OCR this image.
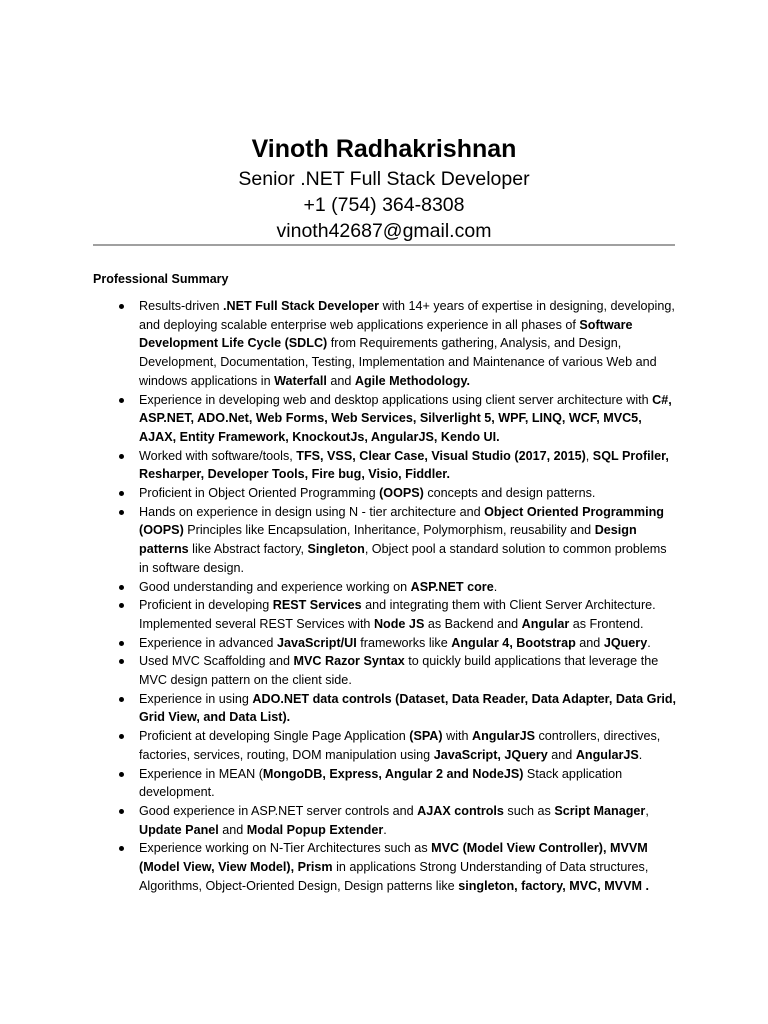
Vinoth Radhakrishnan
Senior .NET Full Stack Developer
+1 (754) 364-8308
vinoth42687@gmail.com
Professional Summary
Results-driven .NET Full Stack Developer with 14+ years of expertise in designing, developing, and deploying scalable enterprise web applications experience in all phases of Software Development Life Cycle (SDLC) from Requirements gathering, Analysis, and Design, Development, Documentation, Testing, Implementation and Maintenance of various Web and windows applications in Waterfall and Agile Methodology.
Experience in developing web and desktop applications using client server architecture with C#, ASP.NET, ADO.Net, Web Forms, Web Services, Silverlight 5, WPF, LINQ, WCF, MVC5, AJAX, Entity Framework, KnockoutJs, AngularJS, Kendo UI.
Worked with software/tools, TFS, VSS, Clear Case, Visual Studio (2017, 2015), SQL Profiler, Resharper, Developer Tools, Fire bug, Visio, Fiddler.
Proficient in Object Oriented Programming (OOPS) concepts and design patterns.
Hands on experience in design using N - tier architecture and Object Oriented Programming (OOPS) Principles like Encapsulation, Inheritance, Polymorphism, reusability and Design patterns like Abstract factory, Singleton, Object pool a standard solution to common problems in software design.
Good understanding and experience working on ASP.NET core.
Proficient in developing REST Services and integrating them with Client Server Architecture. Implemented several REST Services with Node JS as Backend and Angular as Frontend.
Experience in advanced JavaScript/UI frameworks like Angular 4, Bootstrap and JQuery.
Used MVC Scaffolding and MVC Razor Syntax to quickly build applications that leverage the MVC design pattern on the client side.
Experience in using ADO.NET data controls (Dataset, Data Reader, Data Adapter, Data Grid, Grid View, and Data List).
Proficient at developing Single Page Application (SPA) with AngularJS controllers, directives, factories, services, routing, DOM manipulation using JavaScript, JQuery and AngularJS.
Experience in MEAN (MongoDB, Express, Angular 2 and NodeJS) Stack application development.
Good experience in ASP.NET server controls and AJAX controls such as Script Manager, Update Panel and Modal Popup Extender.
Experience working on N-Tier Architectures such as MVC (Model View Controller), MVVM (Model View, View Model), Prism in applications Strong Understanding of Data structures, Algorithms, Object-Oriented Design, Design patterns like singleton, factory, MVC, MVVM .
